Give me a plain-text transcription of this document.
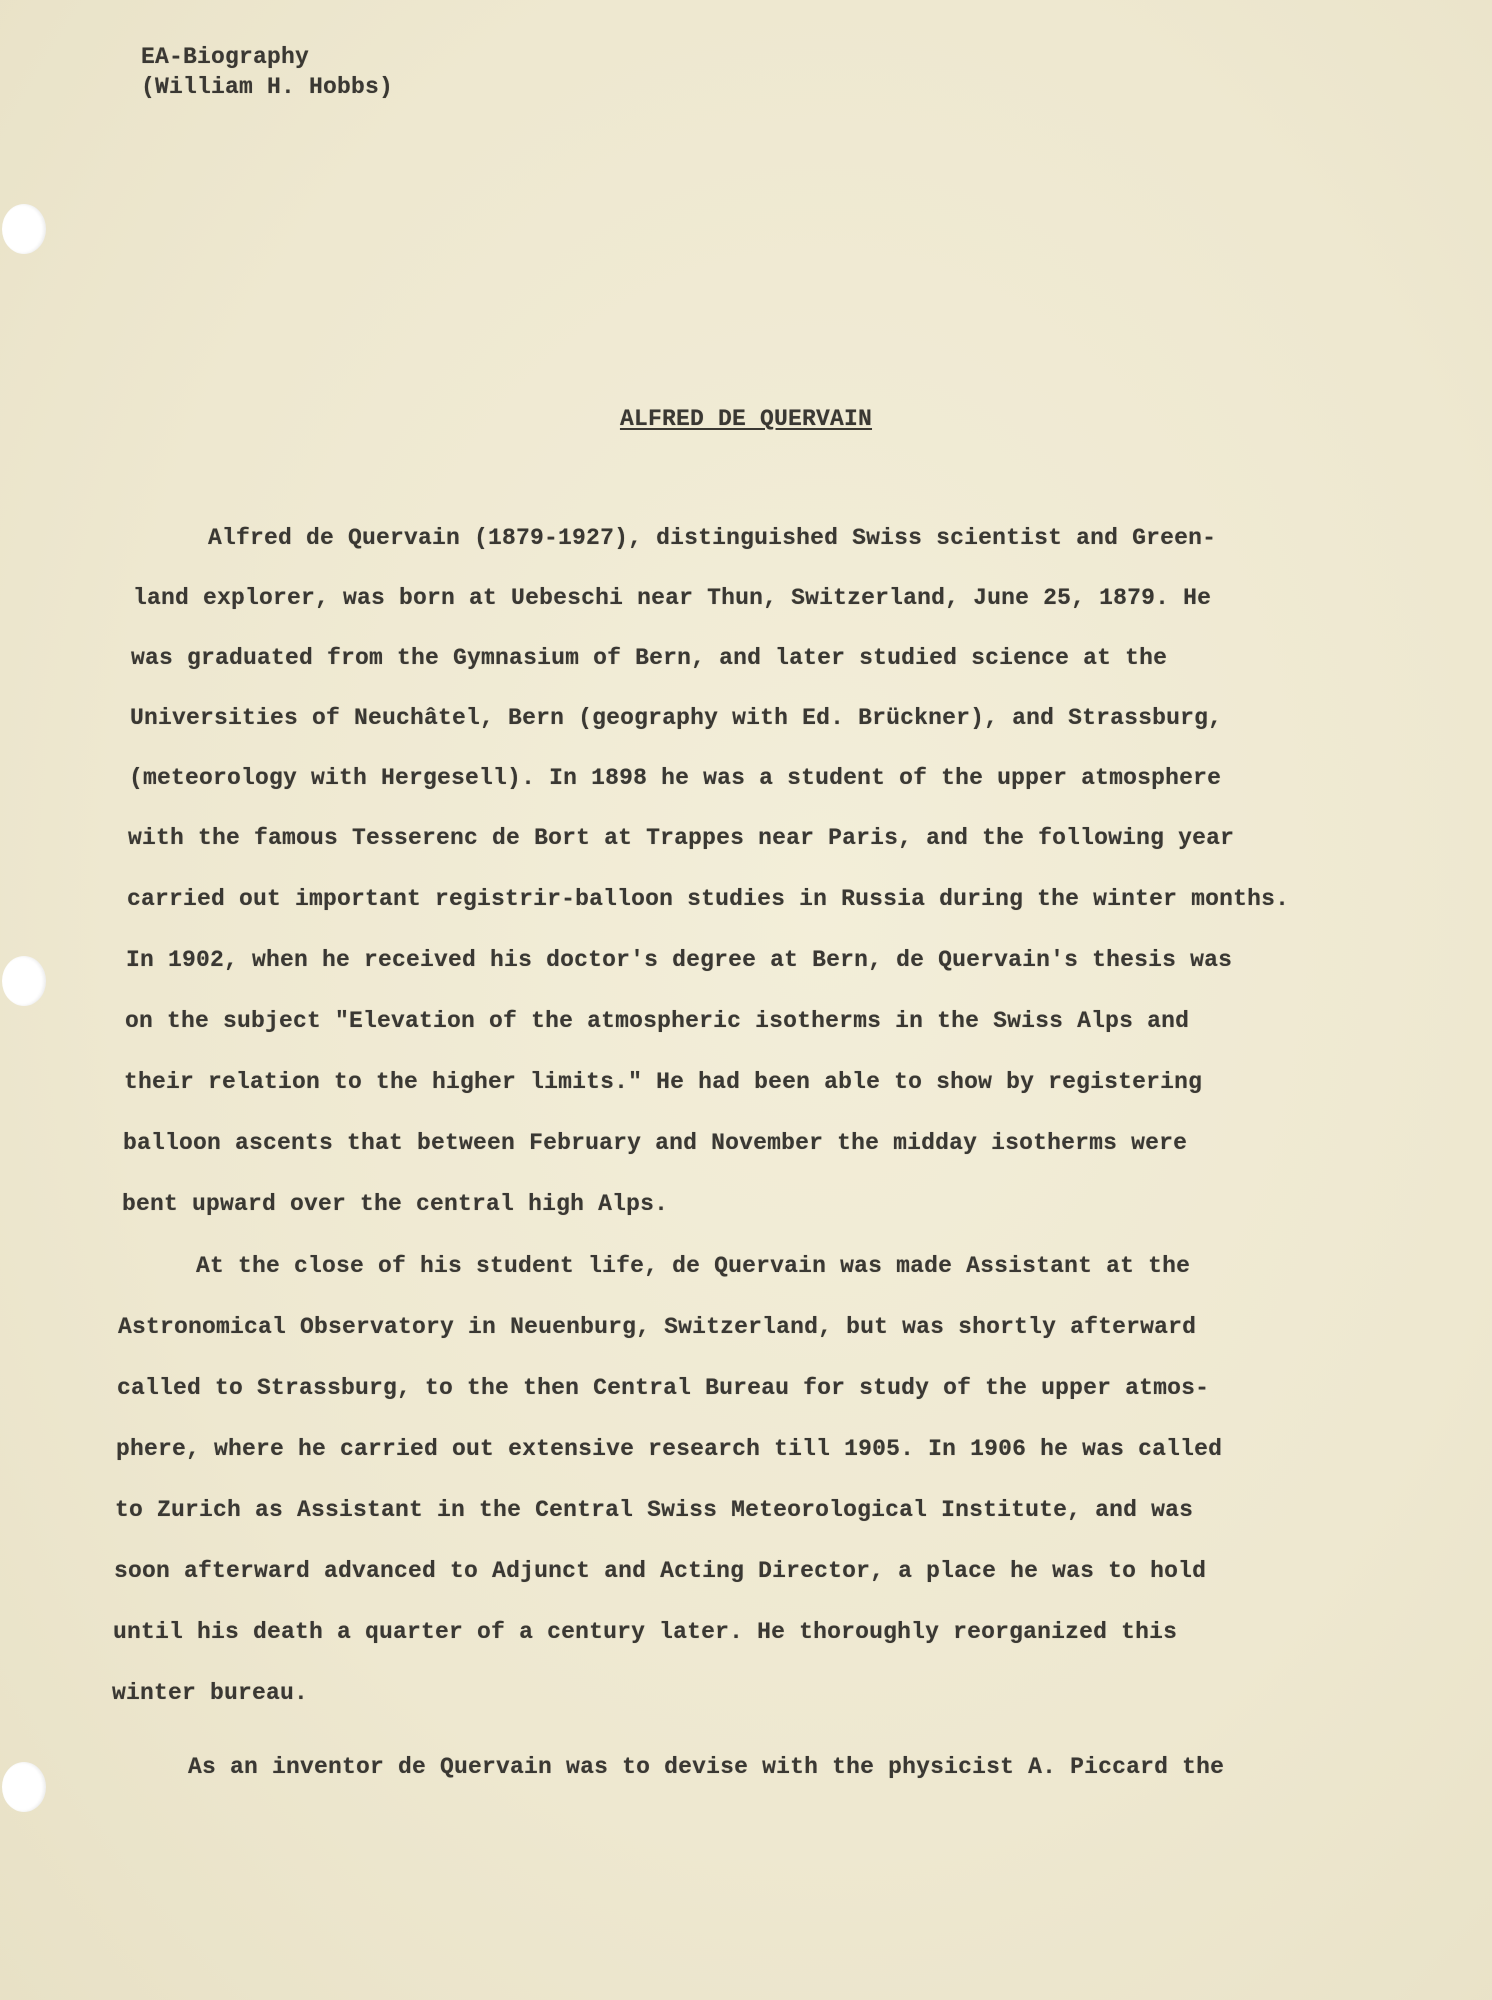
EA-Biography
(William H. Hobbs)
ALFRED DE QUERVAIN
Alfred de Quervain (1879-1927), distinguished Swiss scientist and Green-
land explorer, was born at Uebeschi near Thun, Switzerland, June 25, 1879. He
was graduated from the Gymnasium of Bern, and later studied science at the
Universities of Neuchâtel, Bern (geography with Ed. Brückner), and Strassburg,
(meteorology with Hergesell). In 1898 he was a student of the upper atmosphere
with the famous Tesserenc de Bort at Trappes near Paris, and the following year
carried out important registrir-balloon studies in Russia during the winter months.
In 1902, when he received his doctor's degree at Bern, de Quervain's thesis was
on the subject "Elevation of the atmospheric isotherms in the Swiss Alps and
their relation to the higher limits." He had been able to show by registering
balloon ascents that between February and November the midday isotherms were
bent upward over the central high Alps.
At the close of his student life, de Quervain was made Assistant at the
Astronomical Observatory in Neuenburg, Switzerland, but was shortly afterward
called to Strassburg, to the then Central Bureau for study of the upper atmos-
phere, where he carried out extensive research till 1905. In 1906 he was called
to Zurich as Assistant in the Central Swiss Meteorological Institute, and was
soon afterward advanced to Adjunct and Acting Director, a place he was to hold
until his death a quarter of a century later. He thoroughly reorganized this
winter bureau.
As an inventor de Quervain was to devise with the physicist A. Piccard the
